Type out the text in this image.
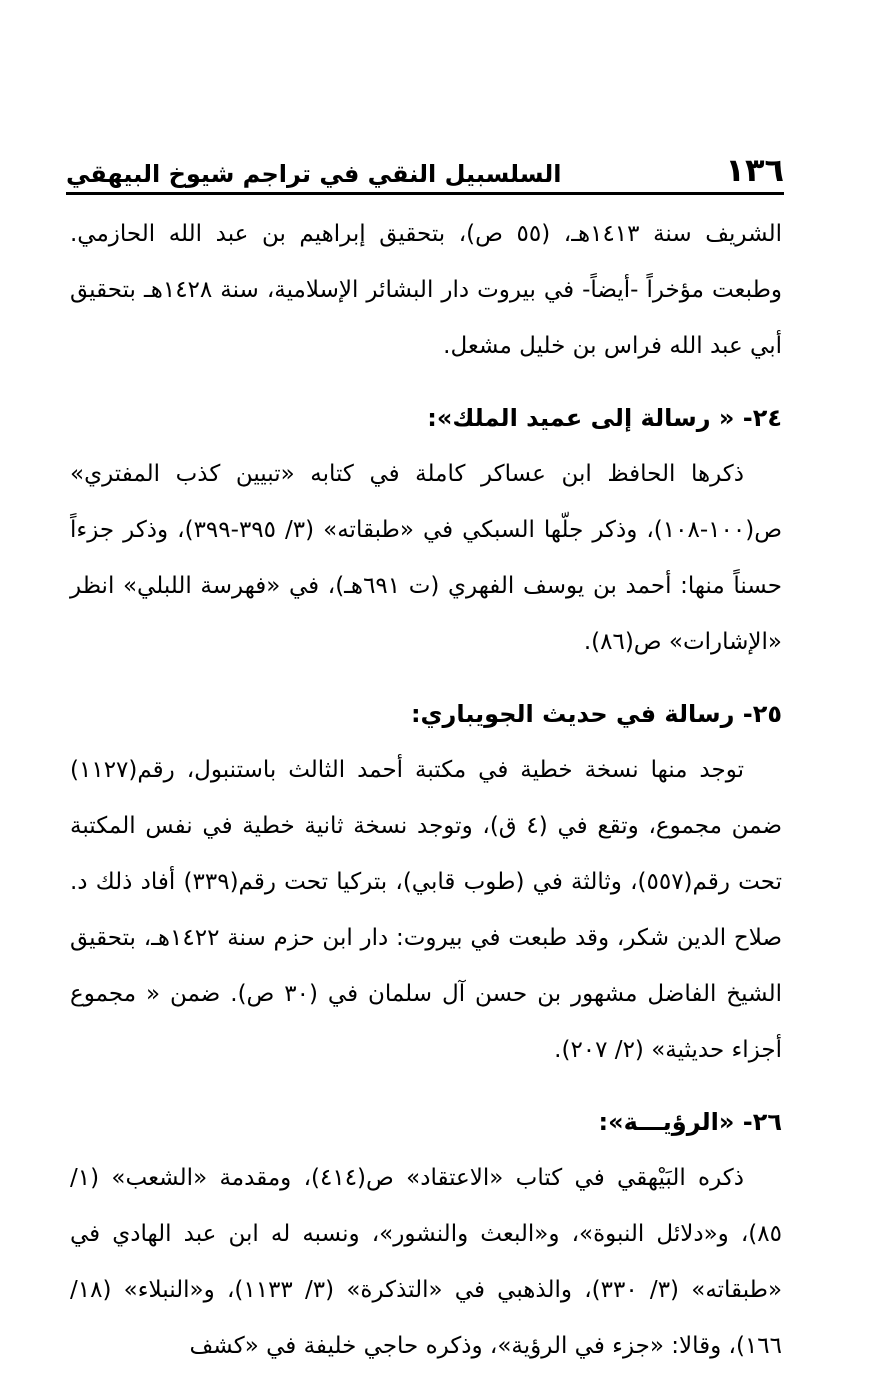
١٣٦
السلسبيل النقي في تراجم شيوخ البيهقي

الشريف سنة ١٤١٣هـ، (٥٥ ص)، بتحقيق إبراهيم بن عبد الله الحازمي. وطبعت مؤخراً -أيضاً- في بيروت دار البشائر الإسلامية، سنة ١٤٢٨هـ بتحقيق أبي عبد الله فراس بن خليل مشعل.

٢٤- « رسالة إلى عميد الملك»:

ذكرها الحافظ ابن عساكر كاملة في كتابه «تبيين كذب المفتري» ص(١٠٠-١٠٨)، وذكر جلّها السبكي في «طبقاته» (٣/ ٣٩٥-٣٩٩)، وذكر جزءاً حسناً منها: أحمد بن يوسف الفهري (ت ٦٩١هـ)، في «فهرسة اللبلي» انظر «الإشارات» ص(٨٦).

٢٥- رسالة في حديث الجويباري:

توجد منها نسخة خطية في مكتبة أحمد الثالث باستنبول، رقم(١١٢٧) ضمن مجموع، وتقع في (٤ ق)، وتوجد نسخة ثانية خطية في نفس المكتبة تحت رقم(٥٥٧)، وثالثة في (طوب قابي)، بتركيا تحت رقم(٣٣٩) أفاد ذلك د. صلاح الدين شكر، وقد طبعت في بيروت: دار ابن حزم سنة ١٤٢٢هـ، بتحقيق الشيخ الفاضل مشهور بن حسن آل سلمان في (٣٠ ص). ضمن « مجموع أجزاء حديثية» (٢/ ٢٠٧).

٢٦- «الرؤيـــة»:

ذكره البَيْهقي في كتاب «الاعتقاد» ص(٤١٤)، ومقدمة «الشعب» (١/ ٨٥)، و«دلائل النبوة»، و«البعث والنشور»، ونسبه له ابن عبد الهادي في «طبقاته» (٣/ ٣٣٠)، والذهبي في «التذكرة» (٣/ ١١٣٣)، و«النبلاء» (١٨/ ١٦٦)، وقالا: «جزء في الرؤية»، وذكره حاجي خليفة في «كشف
